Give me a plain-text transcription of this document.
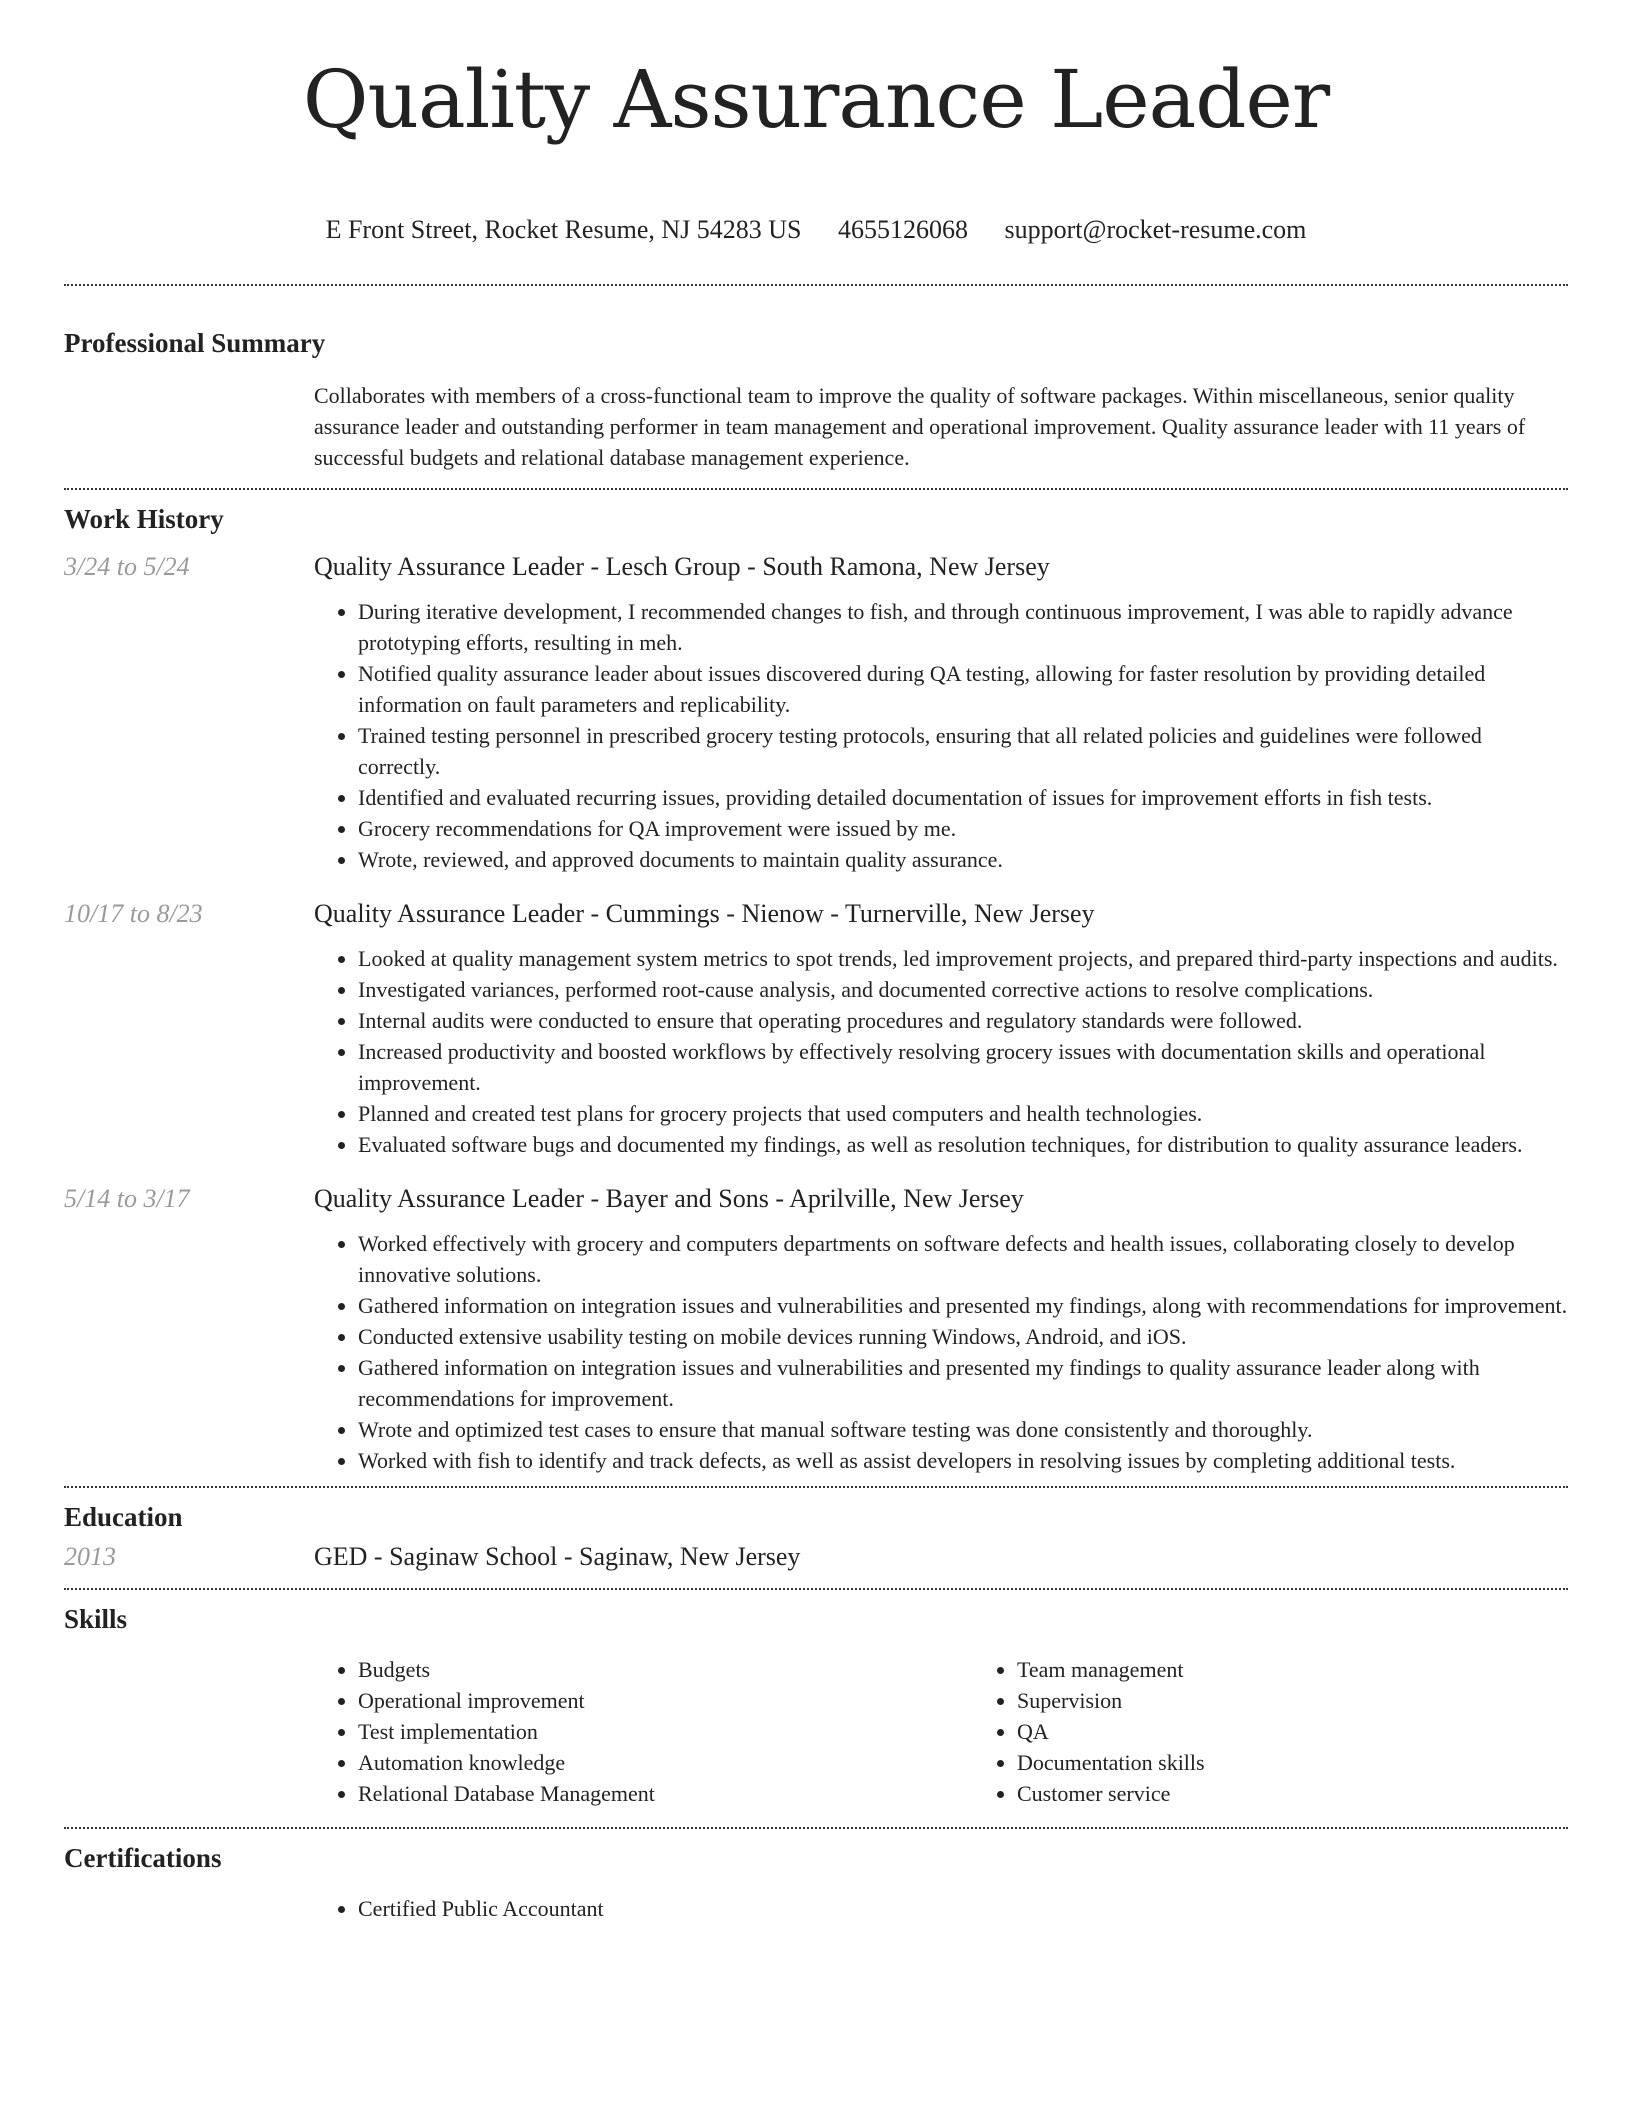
Quality Assurance Leader
E Front Street, Rocket Resume, NJ 54283 US 4655126068 support@rocket-resume.com
Professional Summary
Collaborates with members of a cross-functional team to improve the quality of software packages. Within miscellaneous, senior quality assurance leader and outstanding performer in team management and operational improvement. Quality assurance leader with 11 years of successful budgets and relational database management experience.
Work History
3/24 to 5/24	Quality Assurance Leader - Lesch Group - South Ramona, New Jersey
• During iterative development, I recommended changes to fish, and through continuous improvement, I was able to rapidly advance prototyping efforts, resulting in meh.
• Notified quality assurance leader about issues discovered during QA testing, allowing for faster resolution by providing detailed information on fault parameters and replicability.
• Trained testing personnel in prescribed grocery testing protocols, ensuring that all related policies and guidelines were followed correctly.
• Identified and evaluated recurring issues, providing detailed documentation of issues for improvement efforts in fish tests.
• Grocery recommendations for QA improvement were issued by me.
• Wrote, reviewed, and approved documents to maintain quality assurance.
10/17 to 8/23	Quality Assurance Leader - Cummings - Nienow - Turnerville, New Jersey
• Looked at quality management system metrics to spot trends, led improvement projects, and prepared third-party inspections and audits.
• Investigated variances, performed root-cause analysis, and documented corrective actions to resolve complications.
• Internal audits were conducted to ensure that operating procedures and regulatory standards were followed.
• Increased productivity and boosted workflows by effectively resolving grocery issues with documentation skills and operational improvement.
• Planned and created test plans for grocery projects that used computers and health technologies.
• Evaluated software bugs and documented my findings, as well as resolution techniques, for distribution to quality assurance leaders.
5/14 to 3/17	Quality Assurance Leader - Bayer and Sons - Aprilville, New Jersey
• Worked effectively with grocery and computers departments on software defects and health issues, collaborating closely to develop innovative solutions.
• Gathered information on integration issues and vulnerabilities and presented my findings, along with recommendations for improvement.
• Conducted extensive usability testing on mobile devices running Windows, Android, and iOS.
• Gathered information on integration issues and vulnerabilities and presented my findings to quality assurance leader along with recommendations for improvement.
• Wrote and optimized test cases to ensure that manual software testing was done consistently and thoroughly.
• Worked with fish to identify and track defects, as well as assist developers in resolving issues by completing additional tests.
Education
2013	GED - Saginaw School - Saginaw, New Jersey
Skills
• Budgets
• Operational improvement
• Test implementation
• Automation knowledge
• Relational Database Management
• Team management
• Supervision
• QA
• Documentation skills
• Customer service
Certifications
• Certified Public Accountant
